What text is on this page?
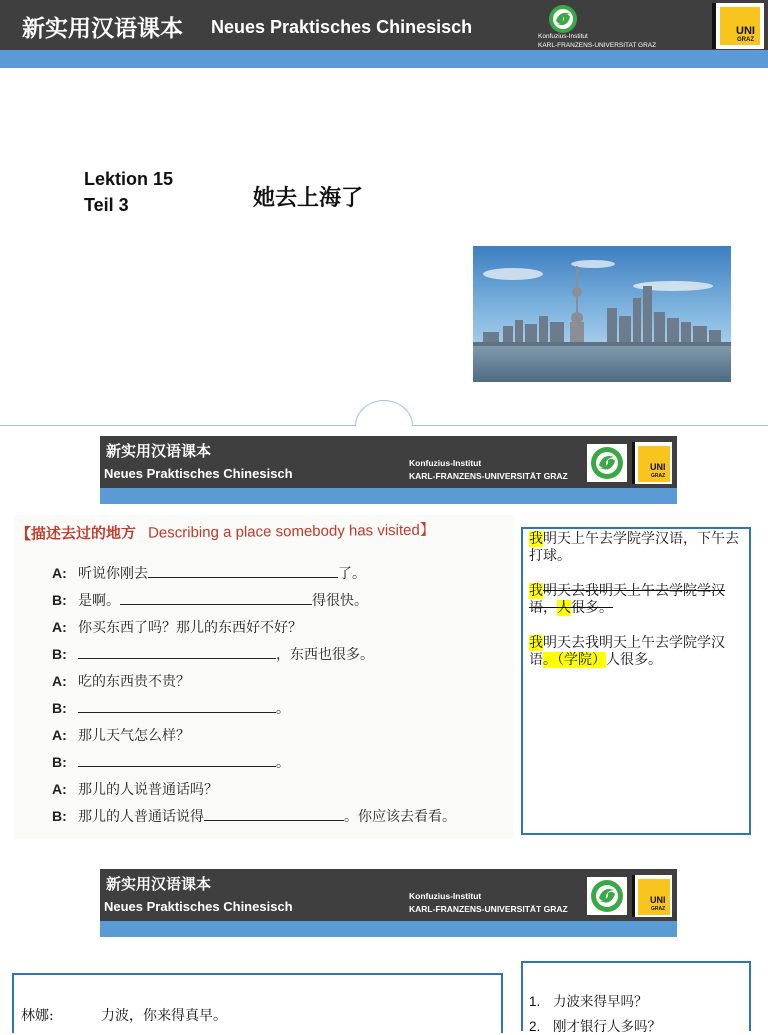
新实用汉语课本 Neues Praktisches Chinesisch	Konfuzius-Institut
KARL-FRANZENS-UNIVERSITAT GRAZ
UNI
GRAZ
Lektion 15
Teil 3	她去上海了
新实用汉语课本
Neues Praktisches Chinesisch
Konfuzius-Institut
KARL-FRANZENS-UNIVERSITÄT GRAZ
UNI
GRAZ
【描述去过的地方 Describing a place somebody has visited】
A: 听说你刚去	了。
B: 是啊。	得很快。
A: 你买东西了吗？那儿的东西好不好？
B:	，东西也很多。
A: 吃的东西贵不贵？
B:	。
A: 那儿天气怎么样？
B:	。
A: 那儿的人说普通话吗？
B: 那儿的人普通话说得	。你应该去看看。

我明天上午去学院学汉语，下午去打球。

我明天去我明天上午去学院学汉语，人很多。

我明天去我明天上午去学院学汉语。（学院）人很多。

新实用汉语课本
Neues Praktisches Chinesisch
Konfuzius-Institut
KARL-FRANZENS-UNIVERSITÄT GRAZ
UNI
GRAZ
林娜:	力波，你来得真早。
1. 力波来得早吗？
2. 刚才银行人多吗？
